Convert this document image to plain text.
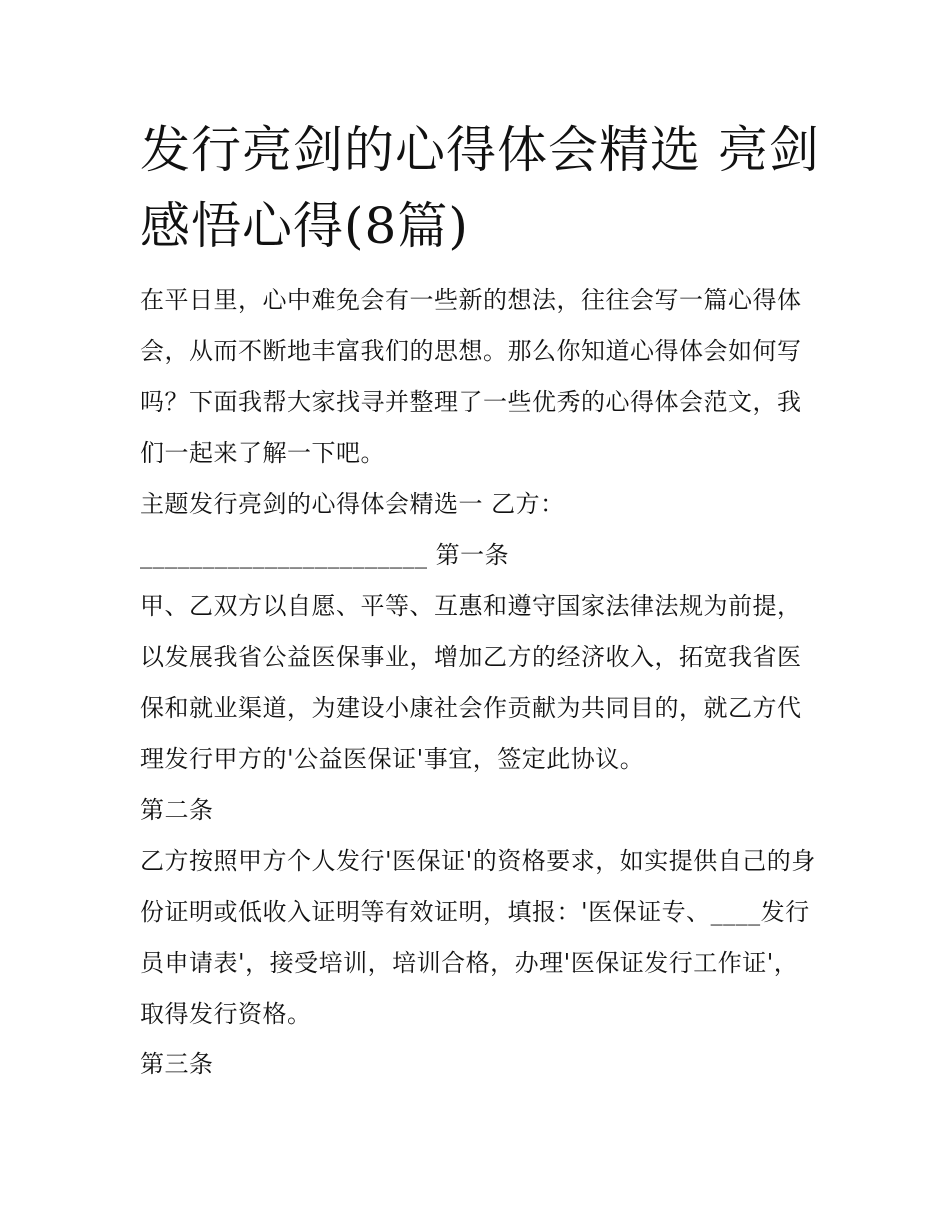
发行亮剑的心得体会精选 亮剑感悟心得(8篇)

在平日里，心中难免会有一些新的想法，往往会写一篇心得体会，从而不断地丰富我们的思想。那么你知道心得体会如何写吗？下面我帮大家找寻并整理了一些优秀的心得体会范文，我们一起来了解一下吧。

主题发行亮剑的心得体会精选一 乙方：

_______________________ 第一条

甲、乙双方以自愿、平等、互惠和遵守国家法律法规为前提，以发展我省公益医保事业，增加乙方的经济收入，拓宽我省医保和就业渠道，为建设小康社会作贡献为共同目的，就乙方代理发行甲方的'公益医保证'事宜，签定此协议。

第二条

乙方按照甲方个人发行'医保证'的资格要求，如实提供自己的身份证明或低收入证明等有效证明，填报：'医保证专、____发行员申请表'，接受培训，培训合格，办理'医保证发行工作证'，取得发行资格。

第三条
